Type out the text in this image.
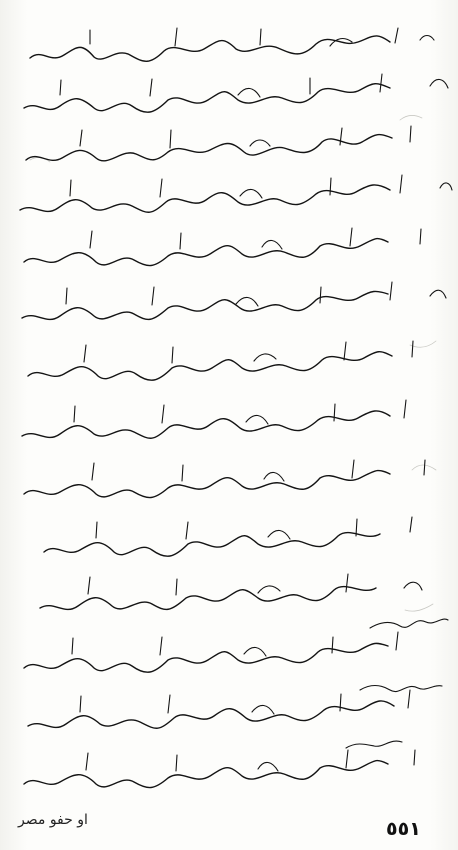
او حفو مصر	٥٥١
